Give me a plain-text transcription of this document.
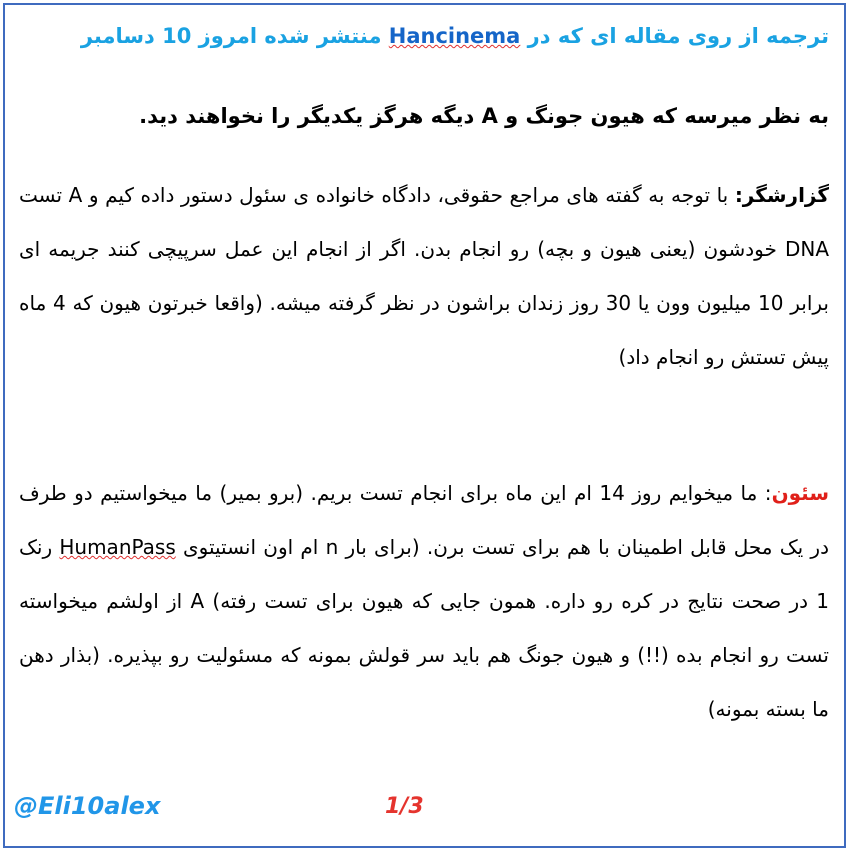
ترجمه از روی مقاله ای که در Hancinema منتشر شده امروز 10 دسامبر
به نظر میرسه که هیون جونگ و A دیگه هرگز یکدیگر را نخواهند دید.
گزارشگر: با توجه به گفته های مراجع حقوقی، دادگاه خانواده ی سئول دستور داده کیم و A تست DNA خودشون (یعنی هیون و بچه) رو انجام بدن. اگر از انجام این عمل سرپیچی کنند جریمه ای برابر 10 میلیون وون یا 30 روز زندان براشون در نظر گرفته میشه. (واقعا خبرتون هیون که 4 ماه پیش تستش رو انجام داد)
سئون: ما میخوایم روز 14 ام این ماه برای انجام تست بریم. (برو بمیر) ما میخواستیم دو طرف در یک محل قابل اطمینان با هم برای تست برن. (برای بار n ام اون انستیتوی HumanPass رنک 1 در صحت نتایج در کره رو داره. همون جایی که هیون برای تست رفته) A از اولشم میخواسته تست رو انجام بده (!!) و هیون جونگ هم باید سر قولش بمونه که مسئولیت رو بپذیره. (بذار دهن ما بسته بمونه)
@Eli10alex	1/3
